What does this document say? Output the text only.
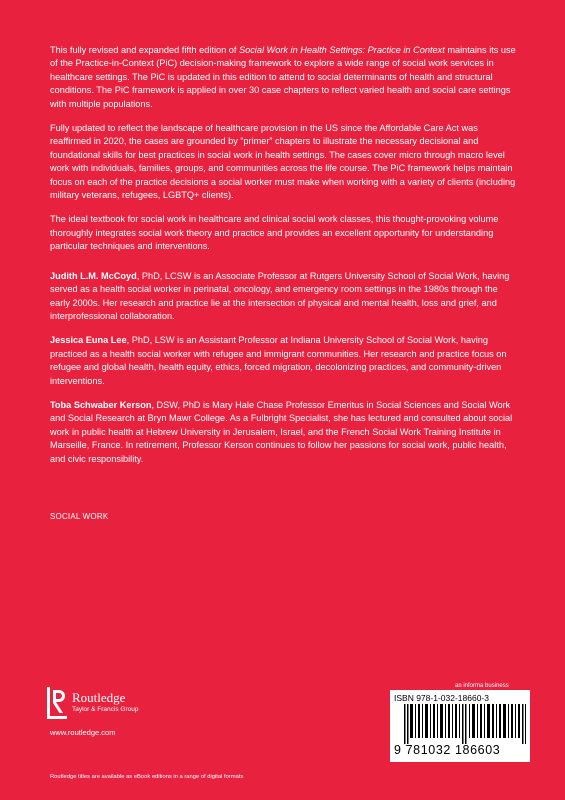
This fully revised and expanded fifth edition of Social Work in Health Settings: Practice in Context maintains its use of the Practice-in-Context (PiC) decision-making framework to explore a wide range of social work services in healthcare settings. The PiC is updated in this edition to attend to social determinants of health and structural conditions. The PiC framework is applied in over 30 case chapters to reflect varied health and social care settings with multiple populations.

Fully updated to reflect the landscape of healthcare provision in the US since the Affordable Care Act was reaffirmed in 2020, the cases are grounded by “primer” chapters to illustrate the necessary decisional and foundational skills for best practices in social work in health settings. The cases cover micro through macro level work with individuals, families, groups, and communities across the life course. The PiC framework helps maintain focus on each of the practice decisions a social worker must make when working with a variety of clients (including military veterans, refugees, LGBTQ+ clients).

The ideal textbook for social work in healthcare and clinical social work classes, this thought-provoking volume thoroughly integrates social work theory and practice and provides an excellent opportunity for understanding particular techniques and interventions.

Judith L.M. McCoyd, PhD, LCSW is an Associate Professor at Rutgers University School of Social Work, having served as a health social worker in perinatal, oncology, and emergency room settings in the 1980s through the early 2000s. Her research and practice lie at the intersection of physical and mental health, loss and grief, and interprofessional collaboration.

Jessica Euna Lee, PhD, LSW is an Assistant Professor at Indiana University School of Social Work, having practiced as a health social worker with refugee and immigrant communities. Her research and practice focus on refugee and global health, health equity, ethics, forced migration, decolonizing practices, and community-driven interventions.

Toba Schwaber Kerson, DSW, PhD is Mary Hale Chase Professor Emeritus in Social Sciences and Social Work and Social Research at Bryn Mawr College. As a Fulbright Specialist, she has lectured and consulted about social work in public health at Hebrew University in Jerusalem, Israel, and the French Social Work Training Institute in Marseille, France. In retirement, Professor Kerson continues to follow her passions for social work, public health, and civic responsibility.

SOCIAL WORK
Routledge
Taylor & Francis Group
www.routledge.com
Routledge titles are available as eBook editions in a range of digital formats
an informa business
ISBN 978-1-032-18660-3
9 781032 186603
